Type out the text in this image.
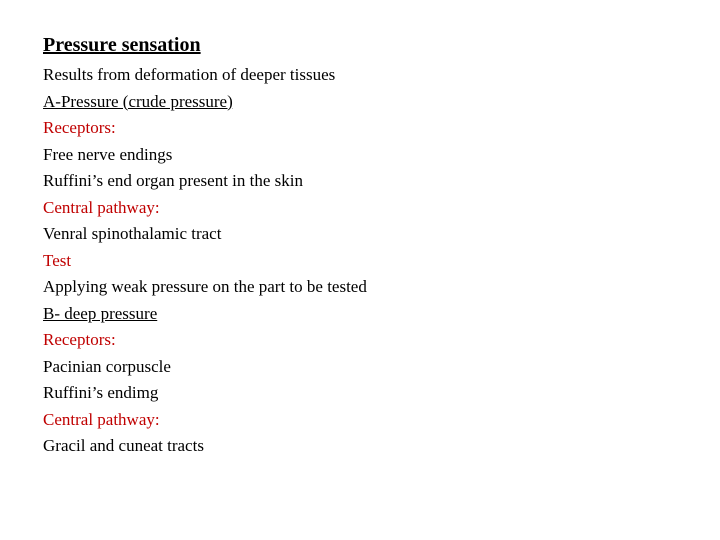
Pressure sensation
Results from deformation of deeper tissues
A-Pressure (crude pressure)
Receptors:
Free nerve endings
Ruffini’s end organ present in the skin
Central pathway:
Venral spinothalamic tract
Test
Applying weak pressure on the part to be tested
B- deep pressure
Receptors:
Pacinian corpuscle
Ruffini’s endimg
Central pathway:
Gracil and cuneat tracts
